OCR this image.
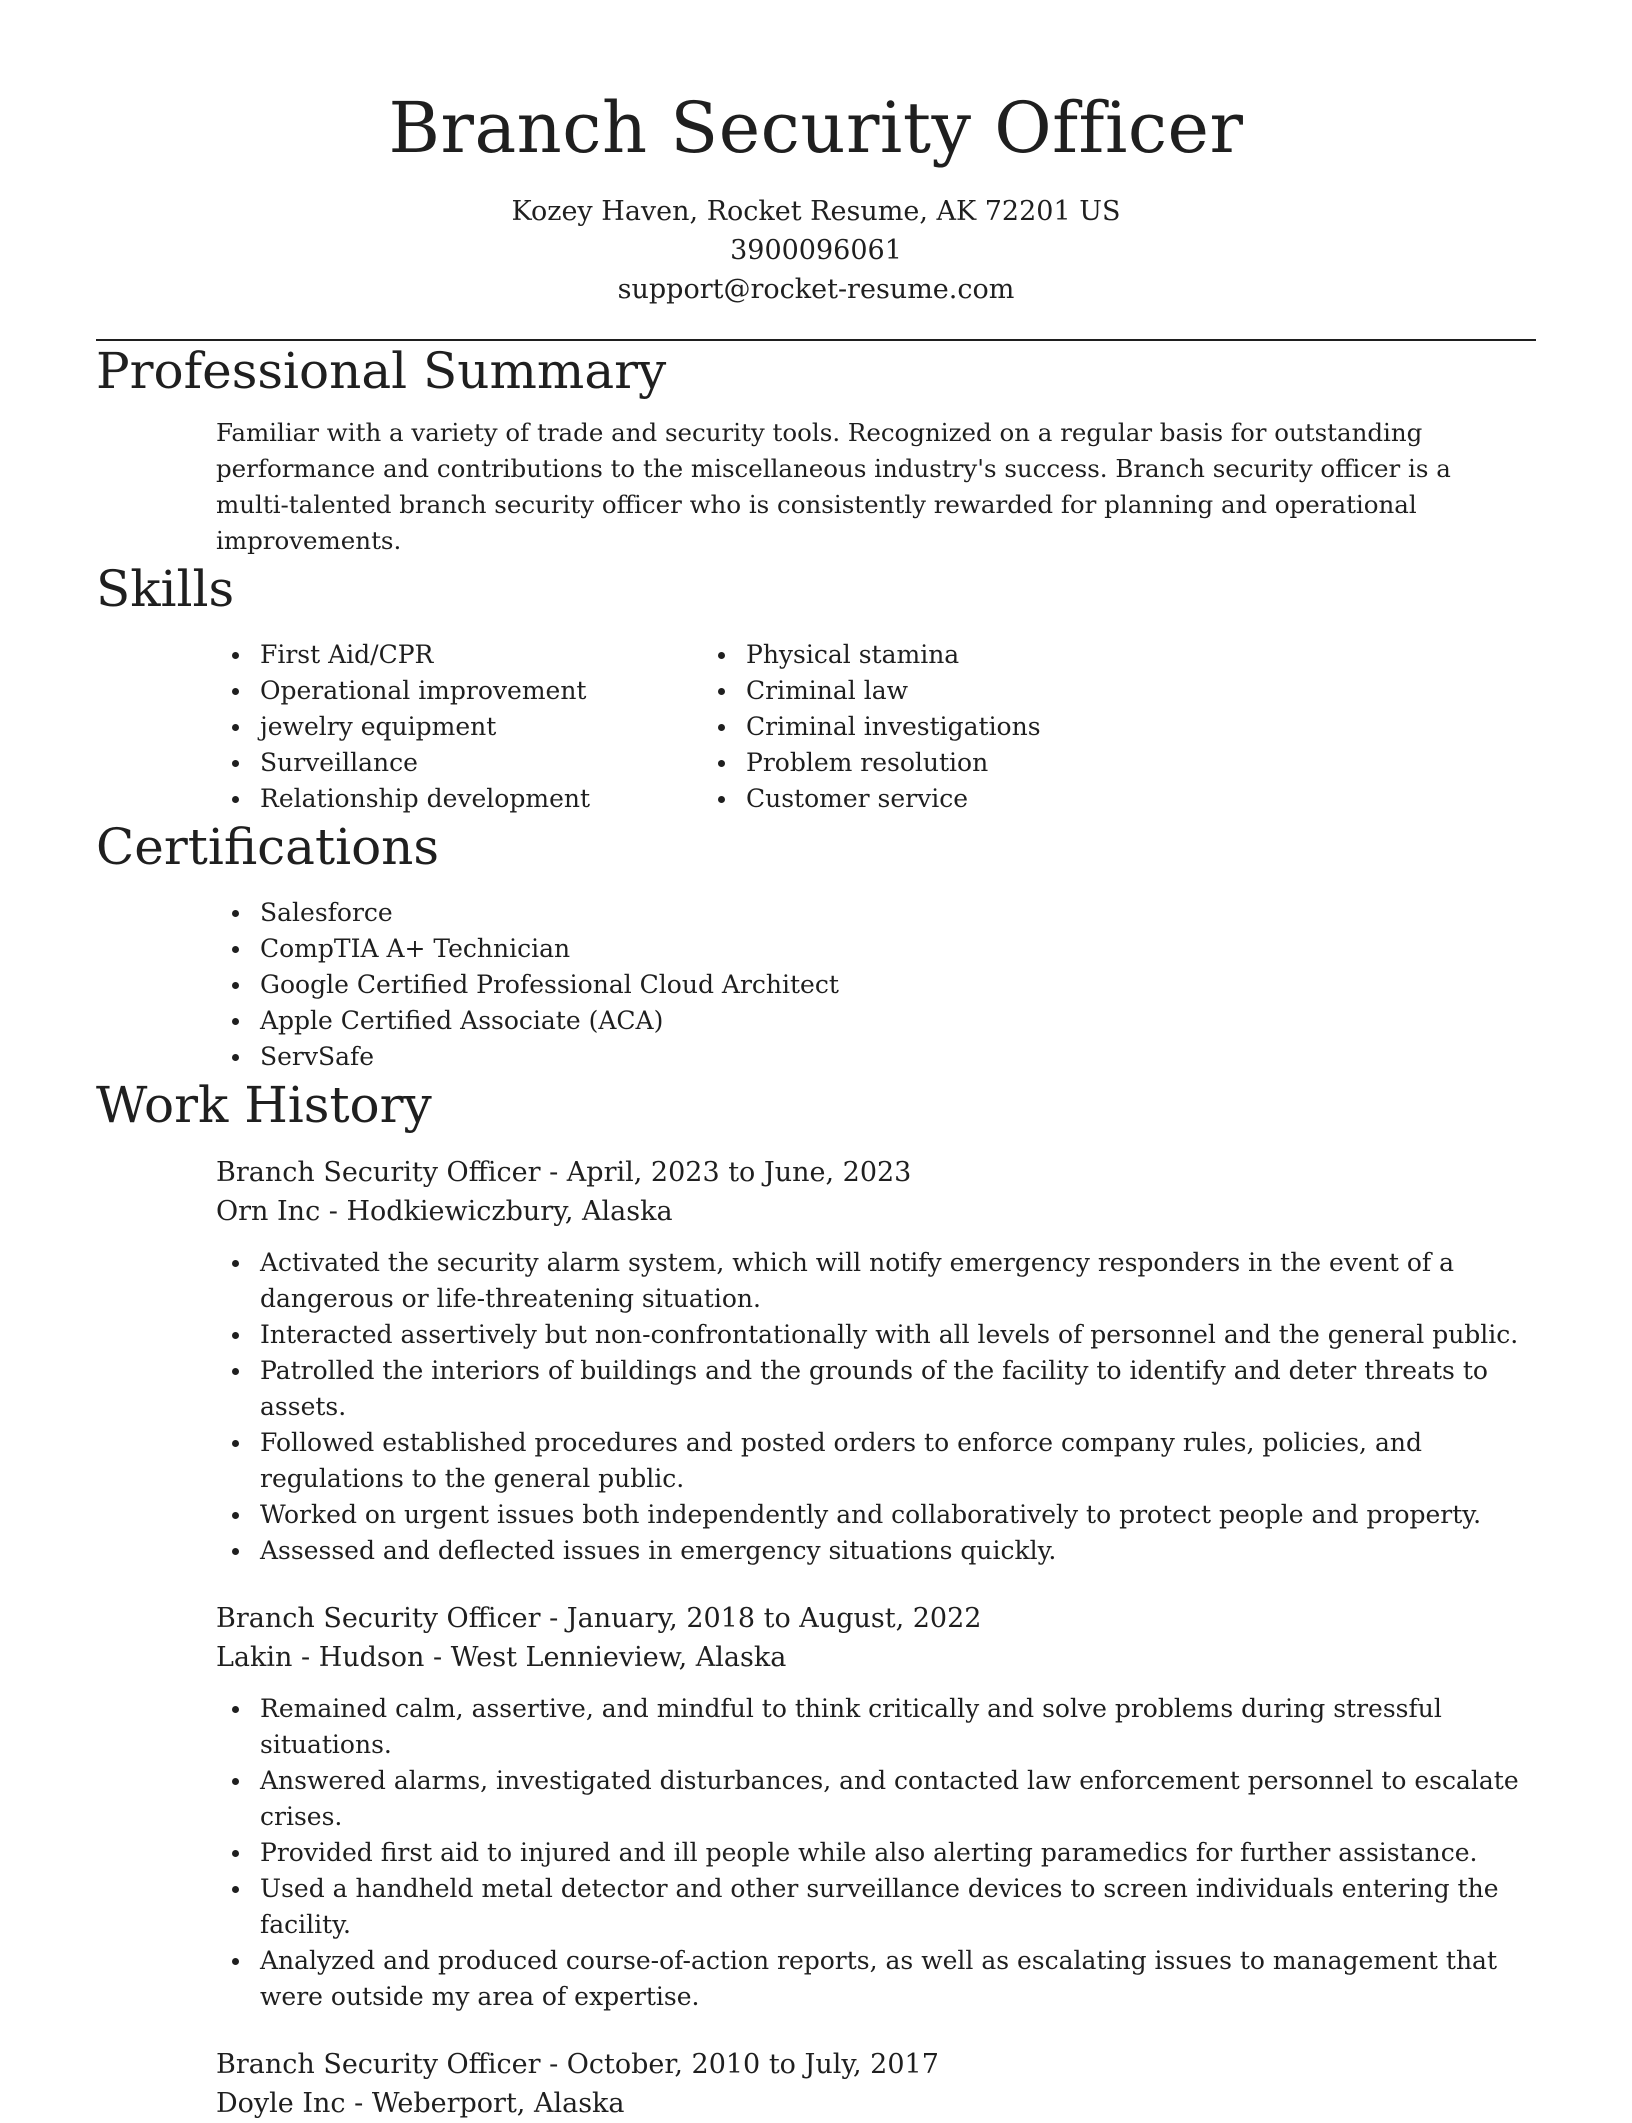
Branch Security Officer
Kozey Haven, Rocket Resume, AK 72201 US
3900096061
support@rocket-resume.com
Professional Summary

Familiar with a variety of trade and security tools. Recognized on a regular basis for outstanding performance and contributions to the miscellaneous industry's success. Branch security officer is a multi-talented branch security officer who is consistently rewarded for planning and operational improvements.

Skills
First Aid/CPR
Operational improvement
jewelry equipment
Surveillance
Relationship development
Physical stamina
Criminal law
Criminal investigations
Problem resolution
Customer service
Certifications
Salesforce
CompTIA A+ Technician
Google Certified Professional Cloud Architect
Apple Certified Associate (ACA)
ServSafe
Work History
Branch Security Officer - April, 2023 to June, 2023
Orn Inc - Hodkiewiczbury, Alaska
Activated the security alarm system, which will notify emergency responders in the event of a dangerous or life-threatening situation.
Interacted assertively but non-confrontationally with all levels of personnel and the general public.
Patrolled the interiors of buildings and the grounds of the facility to identify and deter threats to assets.
Followed established procedures and posted orders to enforce company rules, policies, and regulations to the general public.
Worked on urgent issues both independently and collaboratively to protect people and property.
Assessed and deflected issues in emergency situations quickly.
Branch Security Officer - January, 2018 to August, 2022
Lakin - Hudson - West Lennieview, Alaska
Remained calm, assertive, and mindful to think critically and solve problems during stressful situations.
Answered alarms, investigated disturbances, and contacted law enforcement personnel to escalate crises.
Provided first aid to injured and ill people while also alerting paramedics for further assistance.
Used a handheld metal detector and other surveillance devices to screen individuals entering the facility.
Analyzed and produced course-of-action reports, as well as escalating issues to management that were outside my area of expertise.
Branch Security Officer - October, 2010 to July, 2017
Doyle Inc - Weberport, Alaska
